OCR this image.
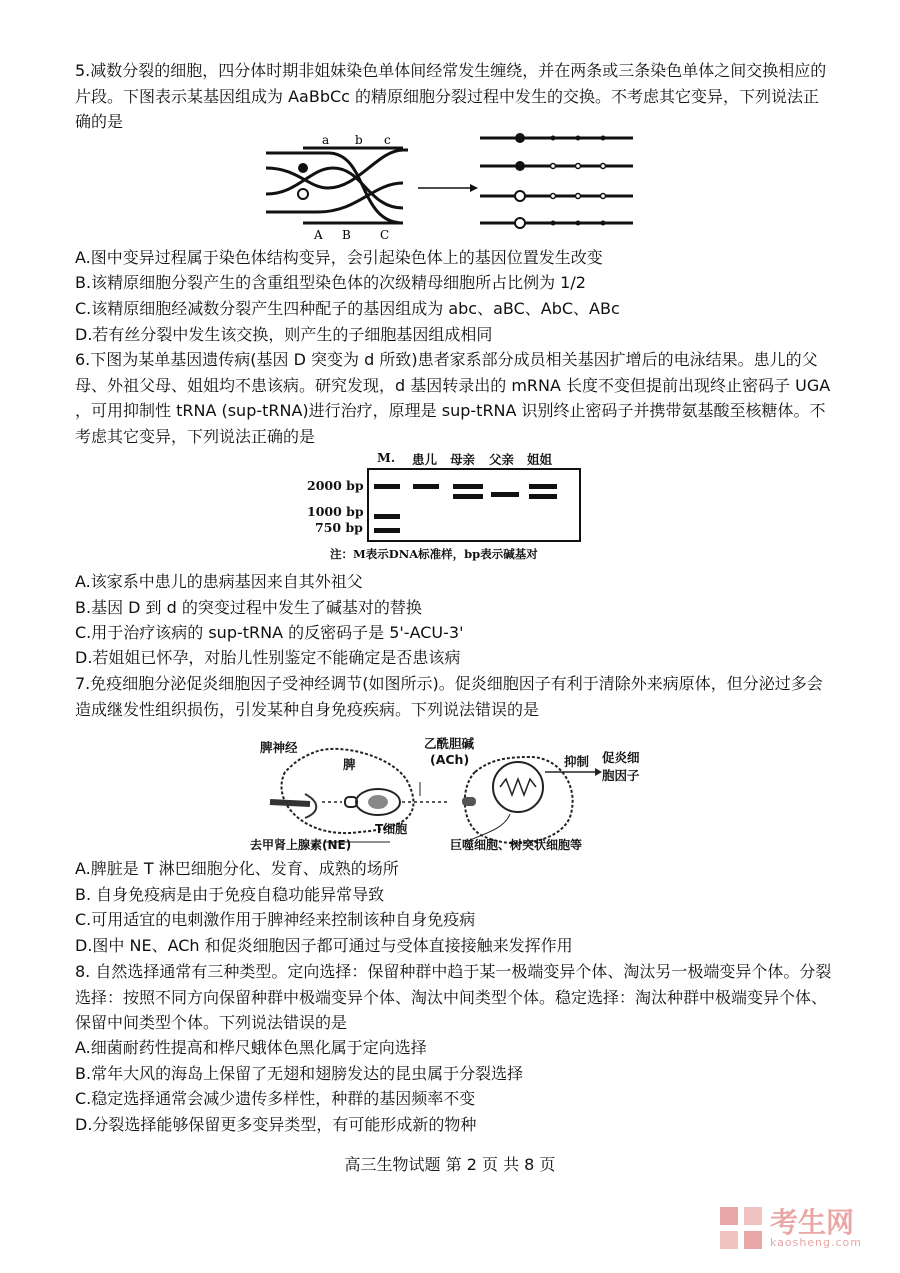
5.减数分裂的细胞，四分体时期非姐妹染色单体间经常发生缠绕，并在两条或三条染色单体之间交换相应的片段。下图表示某基因组成为 AaBbCc 的精原细胞分裂过程中发生的交换。不考虑其它变异，下列说法正确的是
a b c
A B C
A.图中变异过程属于染色体结构变异，会引起染色体上的基因位置发生改变
B.该精原细胞分裂产生的含重组型染色体的次级精母细胞所占比例为 1/2
C.该精原细胞经减数分裂产生四种配子的基因组成为 abc、aBC、AbC、ABc
D.若有丝分裂中发生该交换，则产生的子细胞基因组成相同
6.下图为某单基因遗传病(基因 D 突变为 d 所致)患者家系部分成员相关基因扩增后的电泳结果。患儿的父母、外祖父母、姐姐均不患该病。研究发现，d 基因转录出的 mRNA 长度不变但提前出现终止密码子 UGA ，可用抑制性 tRNA (sup-tRNA)进行治疗，原理是 sup-tRNA 识别终止密码子并携带氨基酸至核糖体。不考虑其它变异，下列说法正确的是
M. 患儿 母亲 父亲 姐姐
2000 bp
1000 bp
750 bp
注：M表示DNA标准样，bp表示碱基对
A.该家系中患儿的患病基因来自其外祖父
B.基因 D 到 d 的突变过程中发生了碱基对的替换
C.用于治疗该病的 sup-tRNA 的反密码子是 5'-ACU-3'
D.若姐姐已怀孕，对胎儿性别鉴定不能确定是否患该病
7.免疫细胞分泌促炎细胞因子受神经调节(如图所示)。促炎细胞因子有利于清除外来病原体，但分泌过多会造成继发性组织损伤，引发某种自身免疫疾病。下列说法错误的是
脾神经
脾
乙酰胆碱
(ACh)	抑制 促炎细
胞因子
去甲肾上腺素(NE)
T细胞
巨噬细胞、树突状细胞等
A.脾脏是 T 淋巴细胞分化、发育、成熟的场所
B. 自身免疫病是由于免疫自稳功能异常导致
C.可用适宜的电刺激作用于脾神经来控制该种自身免疫病
D.图中 NE、ACh 和促炎细胞因子都可通过与受体直接接触来发挥作用
8. 自然选择通常有三种类型。定向选择：保留种群中趋于某一极端变异个体、淘汰另一极端变异个体。分裂选择：按照不同方向保留种群中极端变异个体、淘汰中间类型个体。稳定选择：淘汰种群中极端变异个体、保留中间类型个体。下列说法错误的是
A.细菌耐药性提高和桦尺蛾体色黑化属于定向选择
B.常年大风的海岛上保留了无翅和翅膀发达的昆虫属于分裂选择
C.稳定选择通常会减少遗传多样性，种群的基因频率不变
D.分裂选择能够保留更多变异类型，有可能形成新的物种
高三生物试题 第 2 页 共 8 页
考生网
kaosheng.com
